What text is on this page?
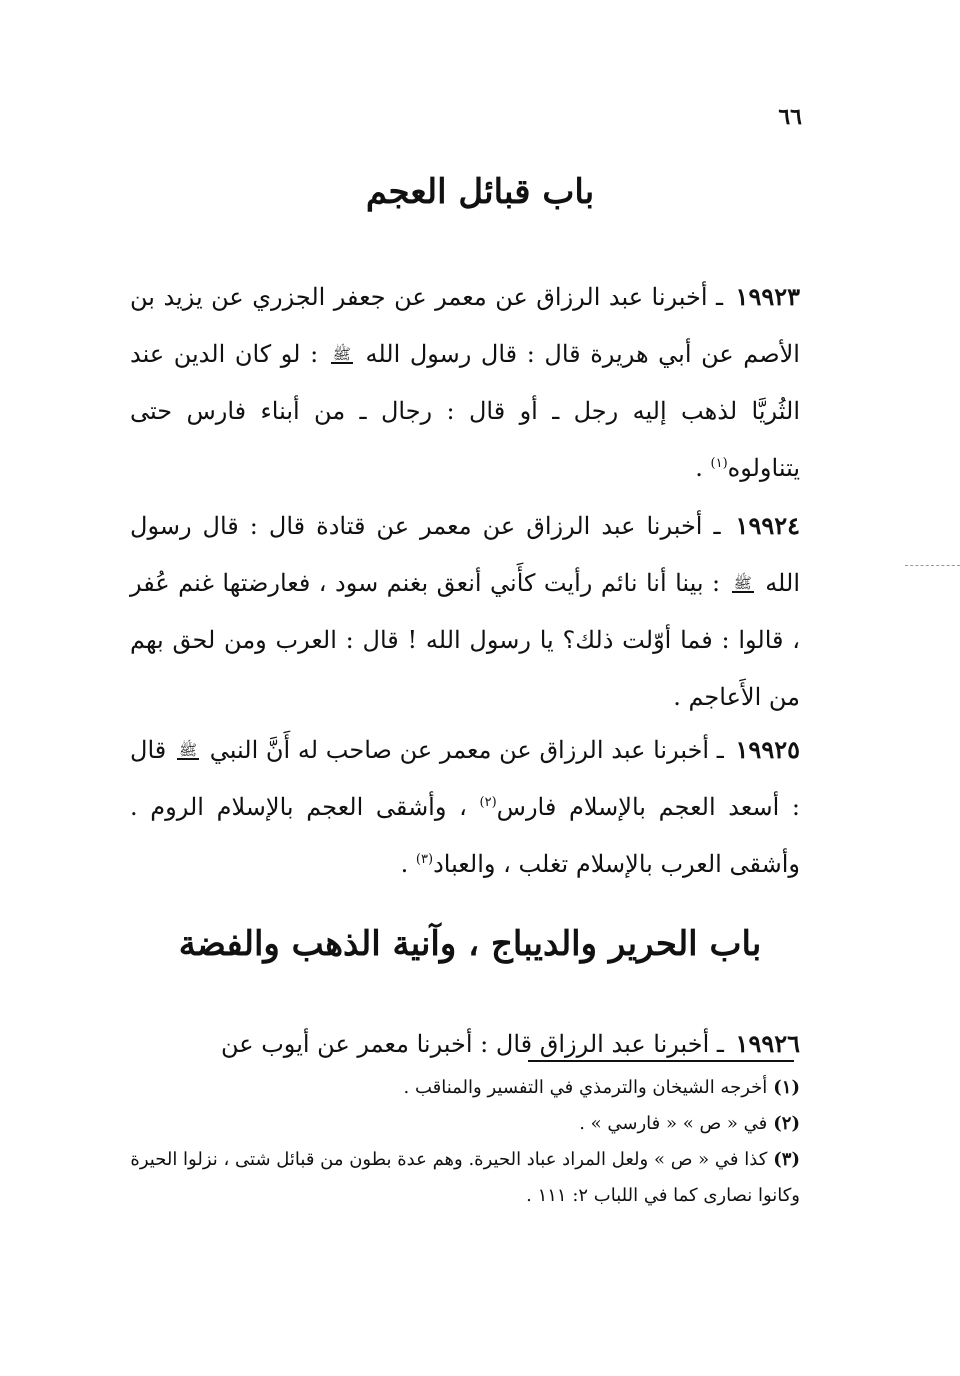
٦٦
باب قبائل العجم

١٩٩٢٣ ـ أخبرنا عبد الرزاق عن معمر عن جعفر الجزري عن يزيد بن الأصم عن أبي هريرة قال : قال رسول الله ﷺ : لو كان الدين عند الثُريَّا لذهب إليه رجل ـ أو قال : رجال ـ من أبناء فارس حتى يتناولوه$^{(١)}$ .

١٩٩٢٤ ـ أخبرنا عبد الرزاق عن معمر عن قتادة قال : قال رسول الله ﷺ : بينا أنا نائم رأيت كأَني أنعق بغنم سود ، فعارضتها غنم عُفر ، قالوا : فما أوّلت ذلك؟ يا رسول الله ! قال : العرب ومن لحق بهم من الأَعاجم .

١٩٩٢٥ ـ أخبرنا عبد الرزاق عن معمر عن صاحب له أَنَّ النبي ﷺ قال : أسعد العجم بالإسلام فارس$^{(٢)}$ ، وأشقى العجم بالإسلام الروم . وأشقى العرب بالإسلام تغلب ، والعباد$^{(٣)}$ .

باب الحرير والديباج ، وآنية الذهب والفضة

١٩٩٢٦ ـ أخبرنا عبد الرزاق قال : أخبرنا معمر عن أيوب عن

(١)أخرجه الشيخان والترمذي في التفسير والمناقب .
(٢)في « ص » « فارسي » .
(٣)كذا في « ص » ولعل المراد عباد الحيرة. وهم عدة بطون من قبائل شتى ، نزلوا الحيرة وكانوا نصارى كما في اللباب ٢: ١١١ .
